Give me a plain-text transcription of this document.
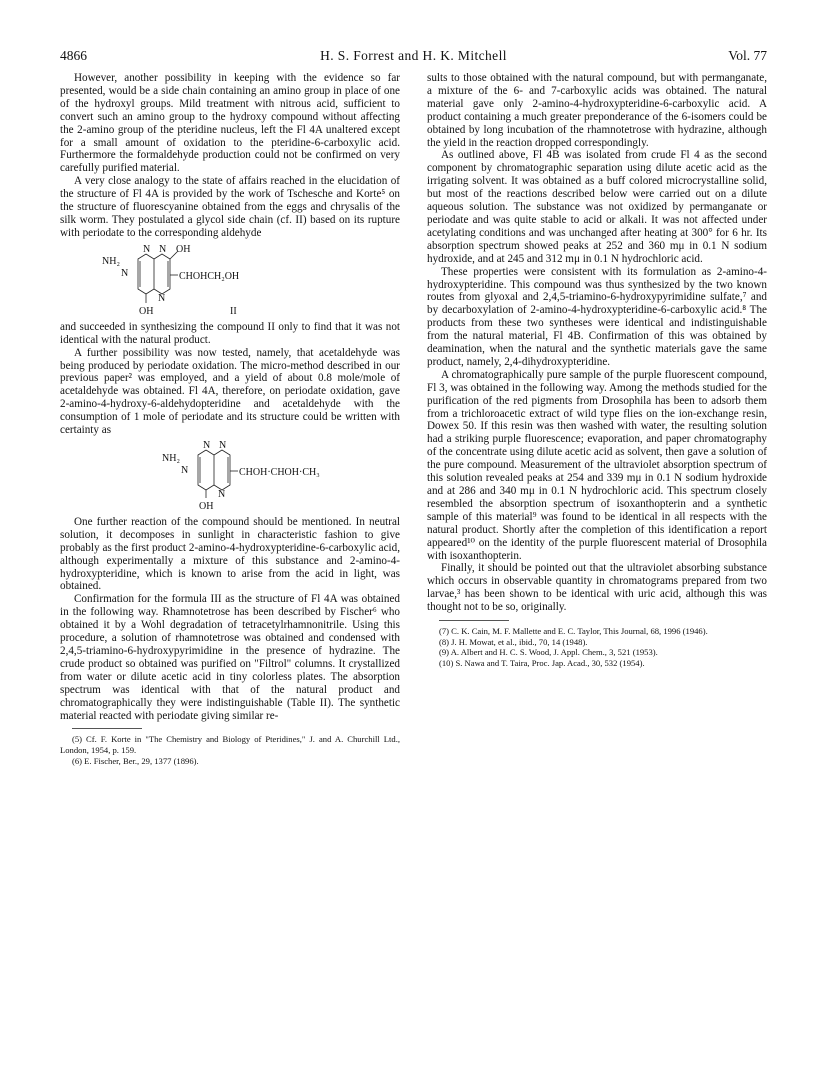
4866	H. S. Forrest and H. K. Mitchell	Vol. 77

However, another possibility in keeping with the evidence so far presented, would be a side chain containing an amino group in place of one of the hydroxyl groups. Mild treatment with nitrous acid, sufficient to convert such an amino group to the hydroxy compound without affecting the 2-amino group of the pteridine nucleus, left the Fl 4A unaltered except for a small amount of oxidation to the pteridine-6-carboxylic acid. Furthermore the formaldehyde production could not be confirmed on very carefully purified material.

A very close analogy to the state of affairs reached in the elucidation of the structure of Fl 4A is provided by the work of Tschesche and Korte⁵ on the structure of fluorescyanine obtained from the eggs and chrysalis of the silk worm. They postulated a glycol side chain (cf. II) based on its rupture with periodate to the corresponding aldehyde

NH₂
N
N N
N
OH
CHOHCH₂OH
OH	II

and succeeded in synthesizing the compound II only to find that it was not identical with the natural product.

A further possibility was now tested, namely, that acetaldehyde was being produced by periodate oxidation. The micro-method described in our previous paper² was employed, and a yield of about 0.8 mole/mole of acetaldehyde was obtained. Fl 4A, therefore, on periodate oxidation, gave 2-amino-4-hydroxy-6-aldehydopteridine and acetaldehyde with the consumption of 1 mole of periodate and its structure could be written with certainty as

NH₂
N
N N
N
CHOH·CHOH·CH₃
OH

One further reaction of the compound should be mentioned. In neutral solution, it decomposes in sunlight in characteristic fashion to give probably as the first product 2-amino-4-hydroxypteridine-6-carboxylic acid, although experimentally a mixture of this substance and 2-amino-4-hydroxypteridine, which is known to arise from the acid in light, was obtained.

Confirmation for the formula III as the structure of Fl 4A was obtained in the following way. Rhamnotetrose has been described by Fischer⁶ who obtained it by a Wohl degradation of tetracetylrhamnonitrile. Using this procedure, a solution of rhamnotetrose was obtained and condensed with 2,4,5-triamino-6-hydroxypyrimidine in the presence of hydrazine. The crude product so obtained was purified on "Filtrol" columns. It crystallized from water or dilute acetic acid in tiny colorless plates. The absorption spectrum was identical with that of the natural product and chromatographically they were indistinguishable (Table II). The synthetic material reacted with periodate giving similar re-

(5) Cf. F. Korte in "The Chemistry and Biology of Pteridines," J. and A. Churchill Ltd., London, 1954, p. 159.
(6) E. Fischer, Ber., 29, 1377 (1896).

sults to those obtained with the natural compound, but with permanganate, a mixture of the 6- and 7-carboxylic acids was obtained. The natural material gave only 2-amino-4-hydroxypteridine-6-carboxylic acid. A product containing a much greater preponderance of the 6-isomers could be obtained by long incubation of the rhamnotetrose with hydrazine, although the yield in the reaction dropped correspondingly.

As outlined above, Fl 4B was isolated from crude Fl 4 as the second component by chromatographic separation using dilute acetic acid as the irrigating solvent. It was obtained as a buff colored microcrystalline solid, but most of the reactions described below were carried out on a dilute aqueous solution. The substance was not oxidized by permanganate or periodate and was quite stable to acid or alkali. It was not affected under acetylating conditions and was unchanged after heating at 300° for 6 hr. Its absorption spectrum showed peaks at 252 and 360 mμ in 0.1 N sodium hydroxide, and at 245 and 312 mμ in 0.1 N hydrochloric acid.

These properties were consistent with its formulation as 2-amino-4-hydroxypteridine. This compound was thus synthesized by the two known routes from glyoxal and 2,4,5-triamino-6-hydroxypyrimidine sulfate,⁷ and by decarboxylation of 2-amino-4-hydroxypteridine-6-carboxylic acid.⁸ The products from these two syntheses were identical and indistinguishable from the natural material, Fl 4B. Confirmation of this was obtained by deamination, when the natural and the synthetic materials gave the same product, namely, 2,4-dihydroxypteridine.

A chromatographically pure sample of the purple fluorescent compound, Fl 3, was obtained in the following way. Among the methods studied for the purification of the red pigments from Drosophila has been to adsorb them from a trichloroacetic extract of wild type flies on the ion-exchange resin, Dowex 50. If this resin was then washed with water, the resulting solution had a striking purple fluorescence; evaporation, and paper chromatography of the concentrate using dilute acetic acid as solvent, then gave a solution of the pure compound. Measurement of the ultraviolet absorption spectrum of this solution revealed peaks at 254 and 339 mμ in 0.1 N sodium hydroxide and at 286 and 340 mμ in 0.1 N hydrochloric acid. This spectrum closely resembled the absorption spectrum of isoxanthopterin and a synthetic sample of this material⁹ was found to be identical in all respects with the natural product. Shortly after the completion of this identification a report appeared¹⁰ on the identity of the purple fluorescent material of Drosophila with isoxanthopterin.

Finally, it should be pointed out that the ultraviolet absorbing substance which occurs in observable quantity in chromatograms prepared from two larvae,³ has been shown to be identical with uric acid, although this was thought not to be so, originally.

(7) C. K. Cain, M. F. Mallette and E. C. Taylor, This Journal, 68, 1996 (1946).
(8) J. H. Mowat, et al., ibid., 70, 14 (1948).
(9) A. Albert and H. C. S. Wood, J. Appl. Chem., 3, 521 (1953).
(10) S. Nawa and T. Taira, Proc. Jap. Acad., 30, 532 (1954).
